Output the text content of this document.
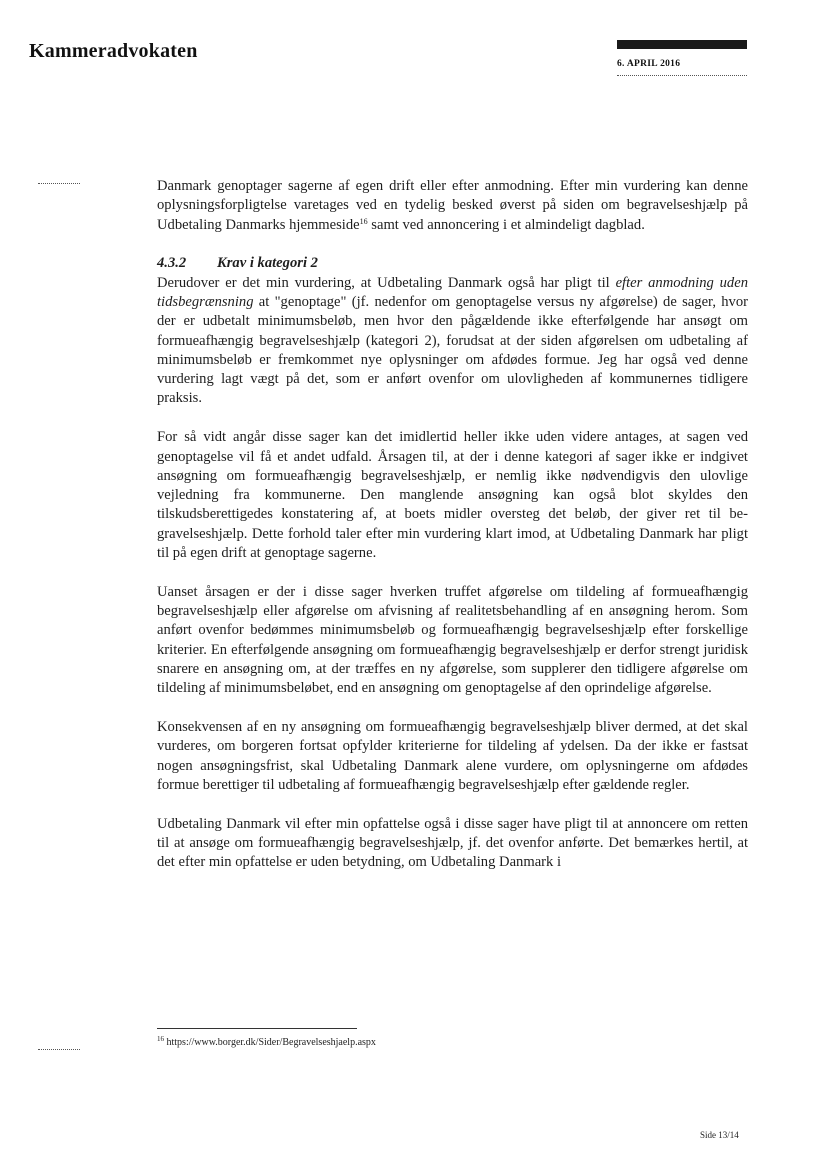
Kammeradvokaten
6. APRIL 2016

Danmark genoptager sagerne af egen drift eller efter anmodning. Efter min vurdering kan denne oplysningsforpligtelse varetages ved en tydelig besked øverst på siden om begravelseshjælp på Udbetaling Danmarks hjemmeside$^{16}$ samt ved annoncering i et almindeligt dagblad.

4.3.2 Krav i kategori 2

Derudover er det min vurdering, at Udbetaling Danmark også har pligt til efter anmodning uden tidsbegrænsning at "genoptage" (jf. nedenfor om genoptagelse versus ny afgørelse) de sager, hvor der er udbetalt minimumsbeløb, men hvor den pågældende ikke efterfølgende har ansøgt om formueafhængig begravelseshjælp (kategori 2), forudsat at der siden afgørelsen om udbetaling af minimumsbeløb er fremkommet nye oplysninger om afdødes formue. Jeg har også ved denne vurdering lagt vægt på det, som er anført ovenfor om ulovligheden af kommunernes tidligere praksis.

For så vidt angår disse sager kan det imidlertid heller ikke uden videre antages, at sagen ved genoptagelse vil få et andet udfald. Årsagen til, at der i denne kategori af sager ikke er indgivet ansøgning om formueafhængig begravelseshjælp, er nemlig ikke nødvendigvis den ulovlige vejledning fra kommunerne. Den manglende ansøgning kan også blot skyldes den tilskudsberettigedes konstatering af, at boets midler oversteg det beløb, der giver ret til begravelseshjælp. Dette forhold taler efter min vurdering klart imod, at Udbetaling Danmark har pligt til på egen drift at genoptage sagerne.

Uanset årsagen er der i disse sager hverken truffet afgørelse om tildeling af formueafhængig begravelseshjælp eller afgørelse om afvisning af realitetsbehandling af en ansøgning herom. Som anført ovenfor bedømmes minimumsbeløb og formueafhængig begravelseshjælp efter forskellige kriterier. En efterfølgende ansøgning om formueafhængig begravelseshjælp er derfor strengt juridisk snarere en ansøgning om, at der træffes en ny afgørelse, som supplerer den tidligere afgørelse om tildeling af minimumsbeløbet, end en ansøgning om genoptagelse af den oprindelige afgørelse.

Konsekvensen af en ny ansøgning om formueafhængig begravelseshjælp bliver dermed, at det skal vurderes, om borgeren fortsat opfylder kriterierne for tildeling af ydelsen. Da der ikke er fastsat nogen ansøgningsfrist, skal Udbetaling Danmark alene vurdere, om oplysningerne om afdødes formue berettiger til udbetaling af formueafhængig begravelseshjælp efter gældende regler.

Udbetaling Danmark vil efter min opfattelse også i disse sager have pligt til at annoncere om retten til at ansøge om formueafhængig begravelseshjælp, jf. det ovenfor anførte. Det bemærkes hertil, at det efter min opfattelse er uden betydning, om Udbetaling Danmark i

$^{16}$ https://www.borger.dk/Sider/Begravelseshjaelp.aspx
Side 13/14
